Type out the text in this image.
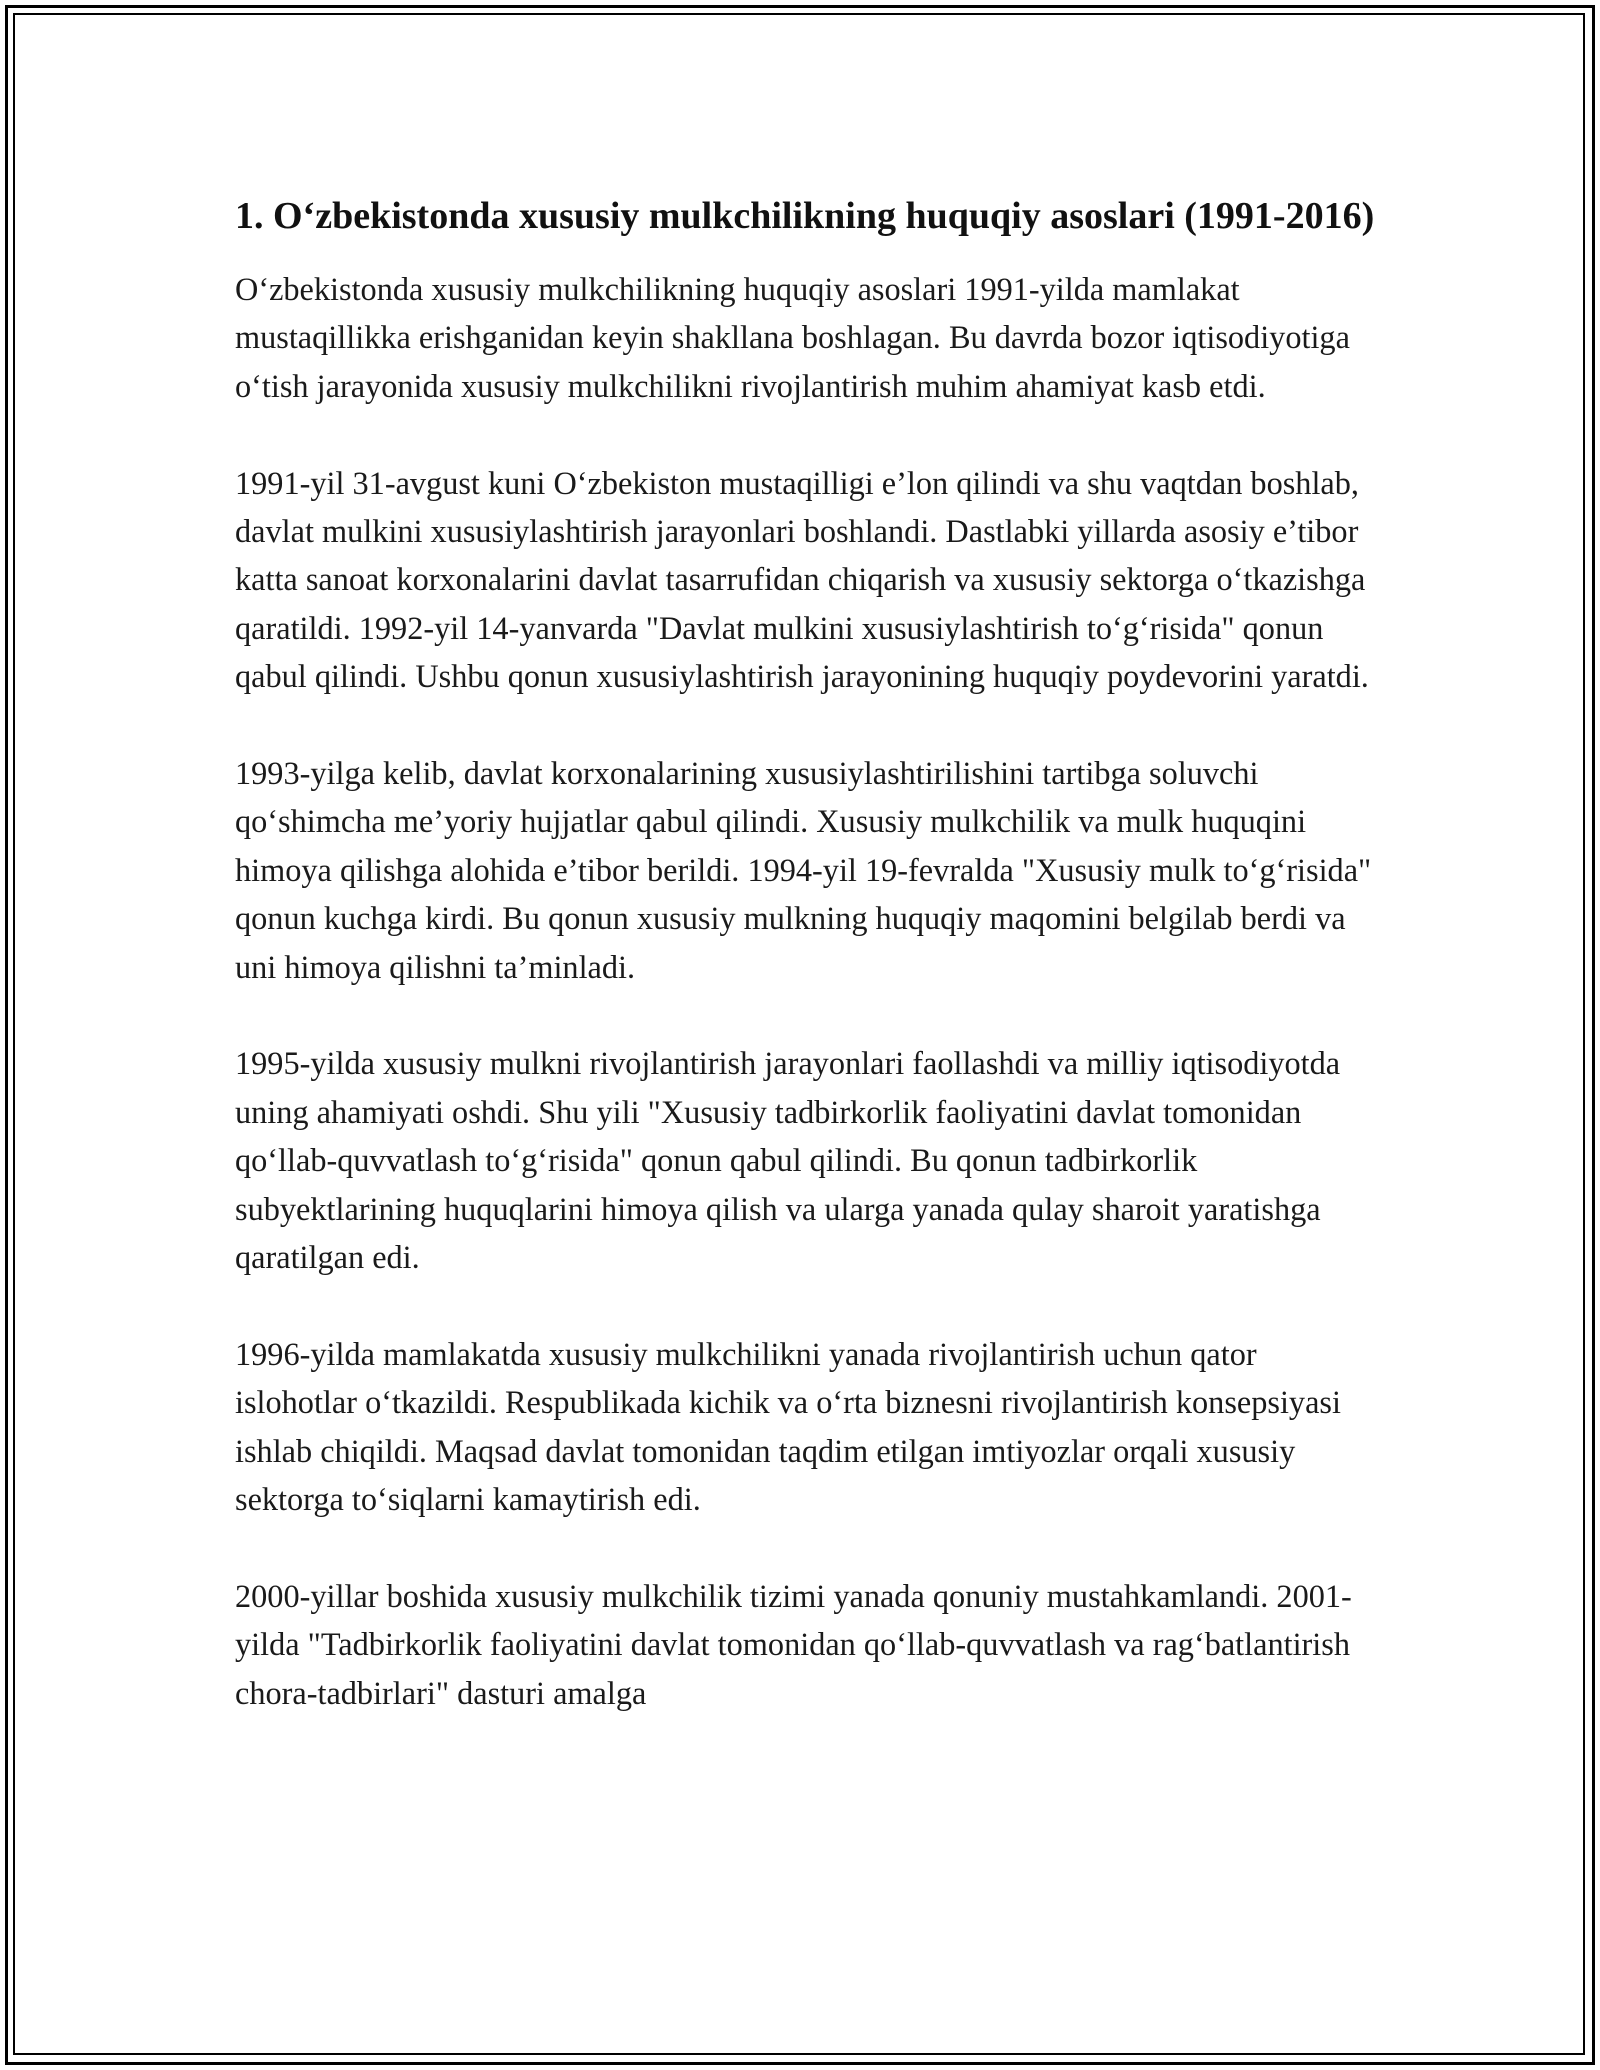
1. O‘zbekistonda xususiy mulkchilikning huquqiy asoslari (1991-2016)

O‘zbekistonda xususiy mulkchilikning huquqiy asoslari 1991-yilda mamlakat mustaqillikka erishganidan keyin shakllana boshlagan. Bu davrda bozor iqtisodiyotiga o‘tish jarayonida xususiy mulkchilikni rivojlantirish muhim ahamiyat kasb etdi.

1991-yil 31-avgust kuni O‘zbekiston mustaqilligi e’lon qilindi va shu vaqtdan boshlab, davlat mulkini xususiylashtirish jarayonlari boshlandi. Dastlabki yillarda asosiy e’tibor katta sanoat korxonalarini davlat tasarrufidan chiqarish va xususiy sektorga o‘tkazishga qaratildi. 1992-yil 14-yanvarda "Davlat mulkini xususiylashtirish to‘g‘risida" qonun qabul qilindi. Ushbu qonun xususiylashtirish jarayonining huquqiy poydevorini yaratdi.

1993-yilga kelib, davlat korxonalarining xususiylashtirilishini tartibga soluvchi qo‘shimcha me’yoriy hujjatlar qabul qilindi. Xususiy mulkchilik va mulk huquqini himoya qilishga alohida e’tibor berildi. 1994-yil 19-fevralda "Xususiy mulk to‘g‘risida" qonun kuchga kirdi. Bu qonun xususiy mulkning huquqiy maqomini belgilab berdi va uni himoya qilishni ta’minladi.

1995-yilda xususiy mulkni rivojlantirish jarayonlari faollashdi va milliy iqtisodiyotda uning ahamiyati oshdi. Shu yili "Xususiy tadbirkorlik faoliyatini davlat tomonidan qo‘llab-quvvatlash to‘g‘risida" qonun qabul qilindi. Bu qonun tadbirkorlik subyektlarining huquqlarini himoya qilish va ularga yanada qulay sharoit yaratishga qaratilgan edi.

1996-yilda mamlakatda xususiy mulkchilikni yanada rivojlantirish uchun qator islohotlar o‘tkazildi. Respublikada kichik va o‘rta biznesni rivojlantirish konsepsiyasi ishlab chiqildi. Maqsad davlat tomonidan taqdim etilgan imtiyozlar orqali xususiy sektorga to‘siqlarni kamaytirish edi.

2000-yillar boshida xususiy mulkchilik tizimi yanada qonuniy mustahkamlandi. 2001-yilda "Tadbirkorlik faoliyatini davlat tomonidan qo‘llab-quvvatlash va rag‘batlantirish chora-tadbirlari" dasturi amalga
